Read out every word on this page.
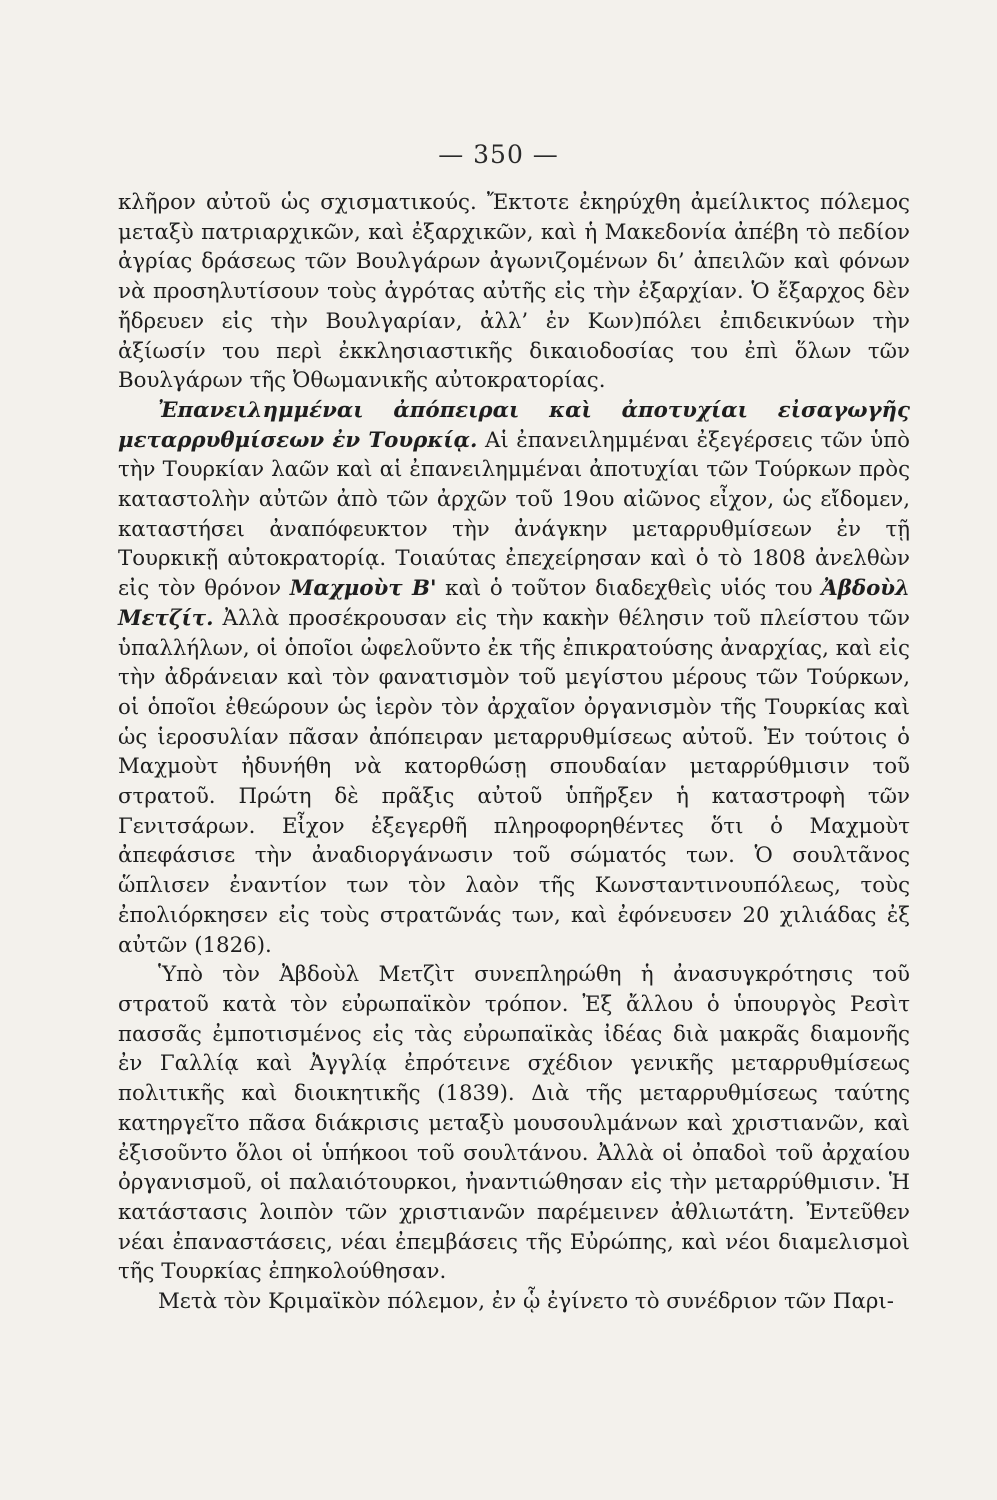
— 350 —

κλῆρον αὐτοῦ ὡς σχισματικούς. Ἔκτοτε ἐκηρύχθη ἀμείλικτος πόλεμος μεταξὺ πατριαρχικῶν, καὶ ἐξαρχικῶν, καὶ ἡ Μακεδονία ἀπέβη τὸ πεδίον ἀγρίας δράσεως τῶν Βουλγάρων ἀγωνιζομένων δι’ ἀπειλῶν καὶ φόνων νὰ προσηλυτίσουν τοὺς ἀγρότας αὐτῆς εἰς τὴν ἐξαρχίαν. Ὁ ἔξαρχος δὲν ἤδρευεν εἰς τὴν Βουλγαρίαν, ἀλλ’ ἐν Κων)πόλει ἐπιδεικνύων τὴν ἀξίωσίν του περὶ ἐκκλησιαστικῆς δικαιοδοσίας του ἐπὶ ὅλων τῶν Βουλγάρων τῆς Ὀθωμανικῆς αὐτοκρατορίας.

Ἐπανειλημμέναι ἀπόπειραι καὶ ἀποτυχίαι εἰσαγωγῆς μεταρρυθμίσεων ἐν Τουρκίᾳ. Αἱ ἐπανειλημμέναι ἐξεγέρσεις τῶν ὑπὸ τὴν Τουρκίαν λαῶν καὶ αἱ ἐπανειλημμέναι ἀποτυχίαι τῶν Τούρκων πρὸς καταστολὴν αὐτῶν ἀπὸ τῶν ἀρχῶν τοῦ 19ου αἰῶνος εἶχον, ὡς εἴδομεν, καταστήσει ἀναπόφευκτον τὴν ἀνάγκην μεταρρυθμίσεων ἐν τῇ Τουρκικῇ αὐτοκρατορίᾳ. Τοιαύτας ἐπεχείρησαν καὶ ὁ τὸ 1808 ἀνελθὼν εἰς τὸν θρόνον Μαχμοὺτ Β' καὶ ὁ τοῦτον διαδεχθεὶς υἱός του Ἀβδοὺλ Μετζίτ. Ἀλλὰ προσέκρουσαν εἰς τὴν κακὴν θέλησιν τοῦ πλείστου τῶν ὑπαλλήλων, οἱ ὁποῖοι ὠφελοῦντο ἐκ τῆς ἐπικρατούσης ἀναρχίας, καὶ εἰς τὴν ἀδράνειαν καὶ τὸν φανατισμὸν τοῦ μεγίστου μέρους τῶν Τούρκων, οἱ ὁποῖοι ἐθεώρουν ὡς ἱερὸν τὸν ἀρχαῖον ὀργανισμὸν τῆς Τουρκίας καὶ ὡς ἱεροσυλίαν πᾶσαν ἀπόπειραν μεταρρυθμίσεως αὐτοῦ. Ἐν τούτοις ὁ Μαχμοὺτ ἠδυνήθη νὰ κατορθώσῃ σπουδαίαν μεταρρύθμισιν τοῦ στρατοῦ. Πρώτη δὲ πρᾶξις αὐτοῦ ὑπῆρξεν ἡ καταστροφὴ τῶν Γενιτσάρων. Εἶχον ἐξεγερθῆ πληροφορηθέντες ὅτι ὁ Μαχμοὺτ ἀπεφάσισε τὴν ἀναδιοργάνωσιν τοῦ σώματός των. Ὁ σουλτᾶνος ὥπλισεν ἐναντίον των τὸν λαὸν τῆς Κωνσταντινουπόλεως, τοὺς ἐπολιόρκησεν εἰς τοὺς στρατῶνάς των, καὶ ἐφόνευσεν 20 χιλιάδας ἐξ αὐτῶν (1826).

Ὑπὸ τὸν Ἀβδοὺλ Μετζὶτ συνεπληρώθη ἡ ἀνασυγκρότησις τοῦ στρατοῦ κατὰ τὸν εὐρωπαϊκὸν τρόπον. Ἐξ ἄλλου ὁ ὑπουργὸς Ρεσὶτ πασσᾶς ἐμποτισμένος εἰς τὰς εὐρωπαϊκὰς ἰδέας διὰ μακρᾶς διαμονῆς ἐν Γαλλίᾳ καὶ Ἀγγλίᾳ ἐπρότεινε σχέδιον γενικῆς μεταρρυθμίσεως πολιτικῆς καὶ διοικητικῆς (1839). Διὰ τῆς μεταρρυθμίσεως ταύτης κατηργεῖτο πᾶσα διάκρισις μεταξὺ μουσουλμάνων καὶ χριστιανῶν, καὶ ἐξισοῦντο ὅλοι οἱ ὑπήκοοι τοῦ σουλτάνου. Ἀλλὰ οἱ ὀπαδοὶ τοῦ ἀρχαίου ὀργανισμοῦ, οἱ παλαιότουρκοι, ἠναντιώθησαν εἰς τὴν μεταρρύθμισιν. Ἡ κατάστασις λοιπὸν τῶν χριστιανῶν παρέμεινεν ἀθλιωτάτη. Ἐντεῦθεν νέαι ἐπαναστάσεις, νέαι ἐπεμβάσεις τῆς Εὐρώπης, καὶ νέοι διαμελισμοὶ τῆς Τουρκίας ἐπηκολούθησαν.

Μετὰ τὸν Κριμαϊκὸν πόλεμον, ἐν ᾧ ἐγίνετο τὸ συνέδριον τῶν Παρι-
